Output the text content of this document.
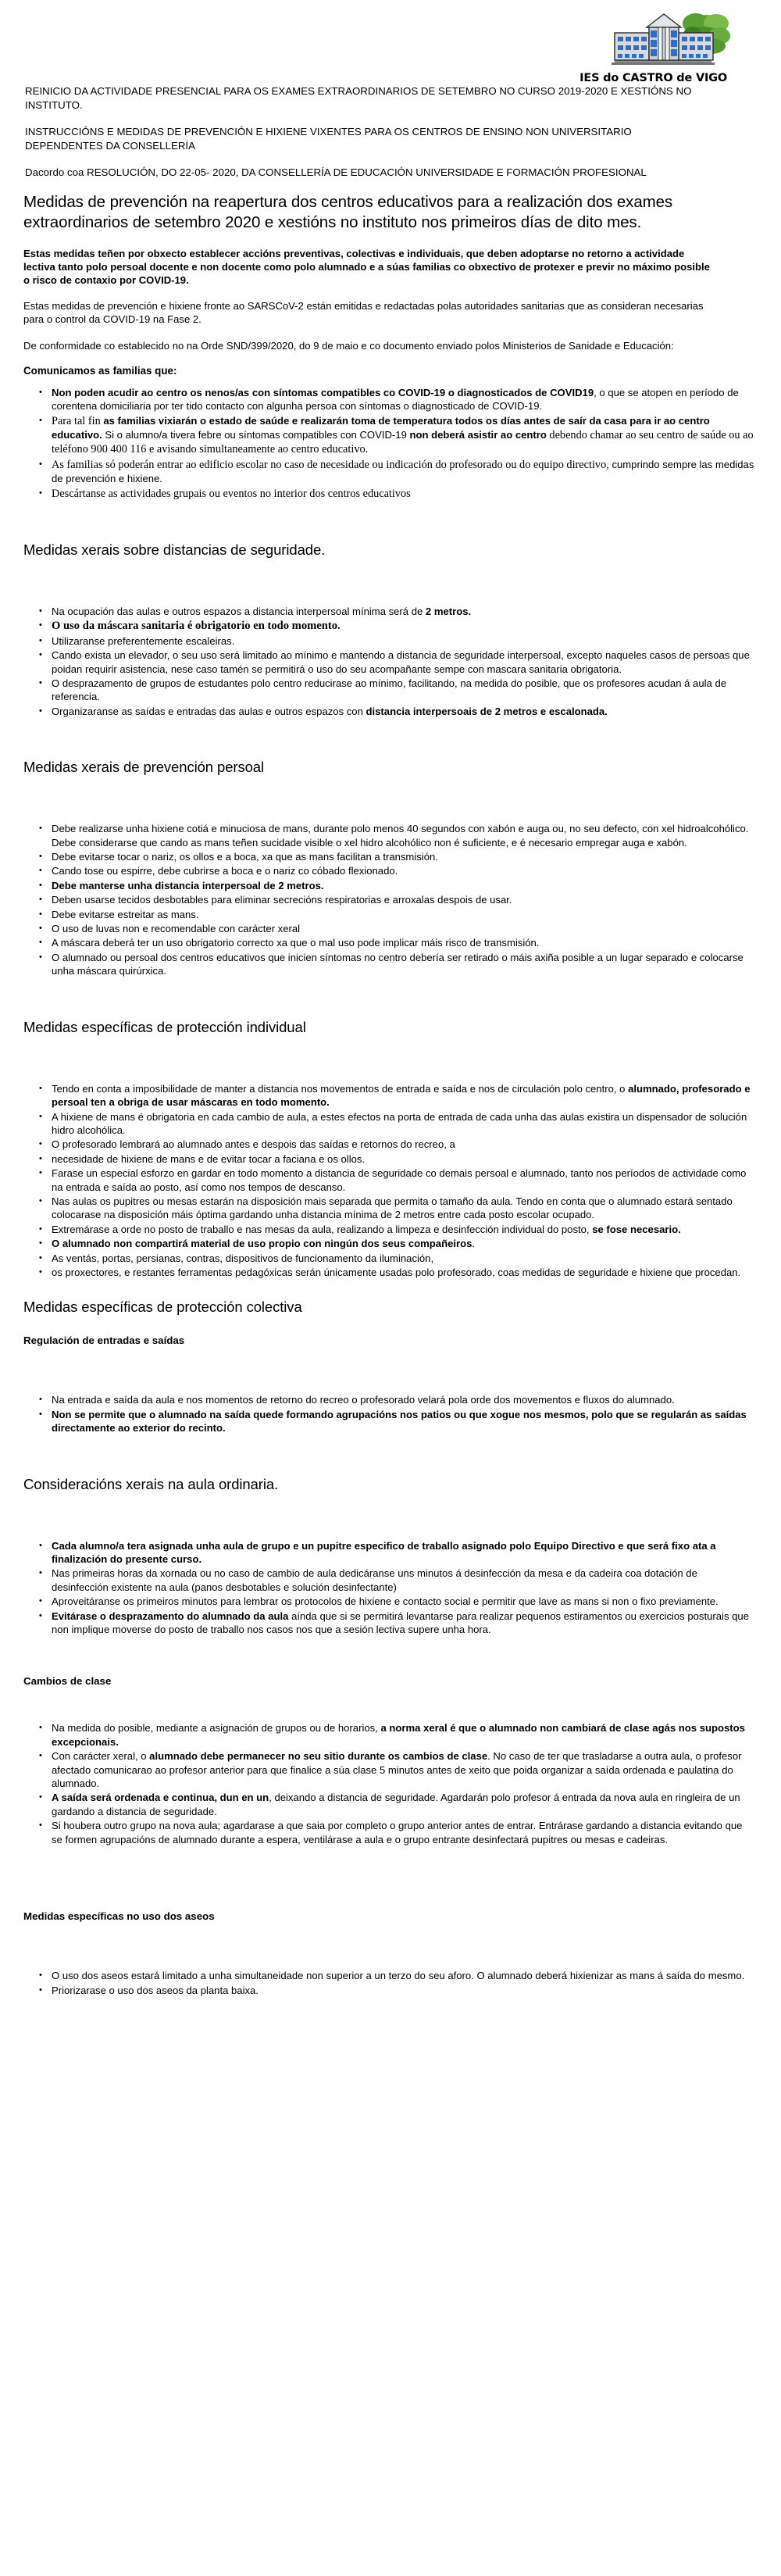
IES do CASTRO de VIGO

REINICIO DA ACTIVIDADE PRESENCIAL PARA OS EXAMES EXTRAORDINARIOS DE SETEMBRO NO CURSO 2019-2020 E XESTIÓNS NO INSTITUTO.

INSTRUCCIÓNS E MEDIDAS DE PREVENCIÓN E HIXIENE VIXENTES PARA OS CENTROS DE ENSINO NON UNIVERSITARIO DEPENDENTES DA CONSELLERÍA

Dacordo coa RESOLUCIÓN, DO 22-05- 2020, DA CONSELLERÍA DE EDUCACIÓN UNIVERSIDADE E FORMACIÓN PROFESIONAL

Medidas de prevención na reapertura dos centros educativos para a realización dos exames extraordinarios de setembro 2020 e xestións no instituto nos primeiros días de dito mes.

Estas medidas teñen por obxecto establecer accións preventivas, colectivas e individuais, que deben adoptarse no retorno a actividade lectiva tanto polo persoal docente e non docente como polo alumnado e a súas familias co obxectivo de protexer e previr no máximo posible o risco de contaxio por COVID-19.

Estas medidas de prevención e hixiene fronte ao SARSCoV-2 están emitidas e redactadas polas autoridades sanitarias que as consideran necesarias para o control da COVID-19 na Fase 2.

De conformidade co establecido no na Orde SND/399/2020, do 9 de maio e co documento enviado polos Ministerios de Sanidade e Educación:

Comunicamos as familias que:

• Non poden acudir ao centro os nenos/as con síntomas compatibles co COVID-19 o diagnosticados de COVID19, o que se atopen en período de corentena domiciliaria por ter tido contacto con algunha persoa con síntomas o diagnosticado de COVID-19.
• Para tal fin as familias vixiarán o estado de saúde e realizarán toma de temperatura todos os días antes de saír da casa para ir ao centro educativo. Si o alumno/a tivera febre ou síntomas compatibles con COVID-19 non deberá asistir ao centro debendo chamar ao seu centro de saúde ou ao teléfono 900 400 116 e avisando simultaneamente ao centro educativo.
• As familias só poderán entrar ao edificio escolar no caso de necesidade ou indicación do profesorado ou do equipo directivo, cumprindo sempre las medidas de prevención e hixiene.
• Descártanse as actividades grupais ou eventos no interior dos centros educativos
Medidas xerais sobre distancias de seguridade.
• Na ocupación das aulas e outros espazos a distancia interpersoal mínima será de 2 metros.
• O uso da máscara sanitaria é obrigatorio en todo momento.
• Utilizaranse preferentemente escaleiras.
• Cando exista un elevador, o seu uso será limitado ao mínimo e mantendo a distancia de seguridade interpersoal, excepto naqueles casos de persoas que poidan requirir asistencia, nese caso tamén se permitirá o uso do seu acompañante sempe con mascara sanitaria obrigatoria.
• O desprazamento de grupos de estudantes polo centro reducirase ao mínimo, facilitando, na medida do posible, que os profesores acudan á aula de referencia.
• Organizaranse as saídas e entradas das aulas e outros espazos con distancia interpersoais de 2 metros e escalonada.
Medidas xerais de prevención persoal
• Debe realizarse unha hixiene cotiá e minuciosa de mans, durante polo menos 40 segundos con xabón e auga ou, no seu defecto, con xel hidroalcohólico. Debe considerarse que cando as mans teñen sucidade visible o xel hidro alcohólico non é suficiente, e é necesario empregar auga e xabón.
• Debe evitarse tocar o nariz, os ollos e a boca, xa que as mans facilitan a transmisión.
• Cando tose ou espirre, debe cubrirse a boca e o nariz co cóbado flexionado.
• Debe manterse unha distancia interpersoal de 2 metros.
• Deben usarse tecidos desbotables para eliminar secrecións respiratorias e arroxalas despois de usar.
• Debe evitarse estreitar as mans.
• O uso de luvas non e recomendable con carácter xeral
• A máscara deberá ter un uso obrigatorio correcto xa que o mal uso pode implicar máis risco de transmisión.
• O alumnado ou persoal dos centros educativos que inicien síntomas no centro debería ser retirado o máis axiña posible a un lugar separado e colocarse unha máscara quirúrxica.
Medidas específicas de protección individual
• Tendo en conta a imposibilidade de manter a distancia nos movementos de entrada e saída e nos de circulación polo centro, o alumnado, profesorado e persoal ten a obriga de usar máscaras en todo momento.
• A hixiene de mans é obrigatoria en cada cambio de aula, a estes efectos na porta de entrada de cada unha das aulas existira un dispensador de solución hidro alcohólica.
• O profesorado lembrará ao alumnado antes e despois das saídas e retornos do recreo, a
• necesidade de hixiene de mans e de evitar tocar a faciana e os ollos.
• Farase un especial esforzo en gardar en todo momento a distancia de seguridade co demais persoal e alumnado, tanto nos períodos de actividade como na entrada e saída ao posto, así como nos tempos de descanso.
• Nas aulas os pupitres ou mesas estarán na disposición mais separada que permita o tamaño da aula. Tendo en conta que o alumnado estará sentado colocarase na disposición máis óptima gardando unha distancia mínima de 2 metros entre cada posto escolar ocupado.
• Extremárase a orde no posto de traballo e nas mesas da aula, realizando a limpeza e desinfección individual do posto, se fose necesario.
• O alumnado non compartirá material de uso propio con ningún dos seus compañeiros.
• As ventás, portas, persianas, contras, dispositivos de funcionamento da iluminación,
• os proxectores, e restantes ferramentas pedagóxicas serán únicamente usadas polo profesorado, coas medidas de seguridade e hixiene que procedan.
Medidas específicas de protección colectiva
Regulación de entradas e saídas
• Na entrada e saída da aula e nos momentos de retorno do recreo o profesorado velará pola orde dos movementos e fluxos do alumnado.
• Non se permite que o alumnado na saída quede formando agrupacións nos patios ou que xogue nos mesmos, polo que se regularán as saídas directamente ao exterior do recinto.
Consideracións xerais na aula ordinaria.
• Cada alumno/a tera asignada unha aula de grupo e un pupitre especifico de traballo asignado polo Equipo Directivo e que será fixo ata a finalización do presente curso.
• Nas primeiras horas da xornada ou no caso de cambio de aula dedicáranse uns minutos á desinfección da mesa e da cadeira coa dotación de desinfección existente na aula (panos desbotables e solución desinfectante)
• Aproveitáranse os primeiros minutos para lembrar os protocolos de hixiene e contacto social e permitir que lave as mans si non o fixo previamente.
• Evitárase o desprazamento do alumnado da aula aínda que si se permitirá levantarse para realizar pequenos estiramentos ou exercicios posturais que non implique moverse do posto de traballo nos casos nos que a sesión lectiva supere unha hora.
Cambios de clase
• Na medida do posible, mediante a asignación de grupos ou de horarios, a norma xeral é que o alumnado non cambiará de clase agás nos supostos excepcionais.
• Con carácter xeral, o alumnado debe permanecer no seu sitio durante os cambios de clase. No caso de ter que trasladarse a outra aula, o profesor afectado comunicarao ao profesor anterior para que finalice a súa clase 5 minutos antes de xeito que poida organizar a saída ordenada e paulatina do alumnado.
• A saída será ordenada e continua, dun en un, deixando a distancia de seguridade. Agardarán polo profesor á entrada da nova aula en ringleira de un gardando a distancia de seguridade.
• Si houbera outro grupo na nova aula; agardarase a que saia por completo o grupo anterior antes de entrar. Entrárase gardando a distancia evitando que se formen agrupacións de alumnado durante a espera, ventilárase a aula e o grupo entrante desinfectará pupitres ou mesas e cadeiras.
Medidas específicas no uso dos aseos
• O uso dos aseos estará limitado a unha simultaneidade non superior a un terzo do seu aforo. O alumnado deberá hixienizar as mans á saída do mesmo.
• Priorizarase o uso dos aseos da planta baixa.
